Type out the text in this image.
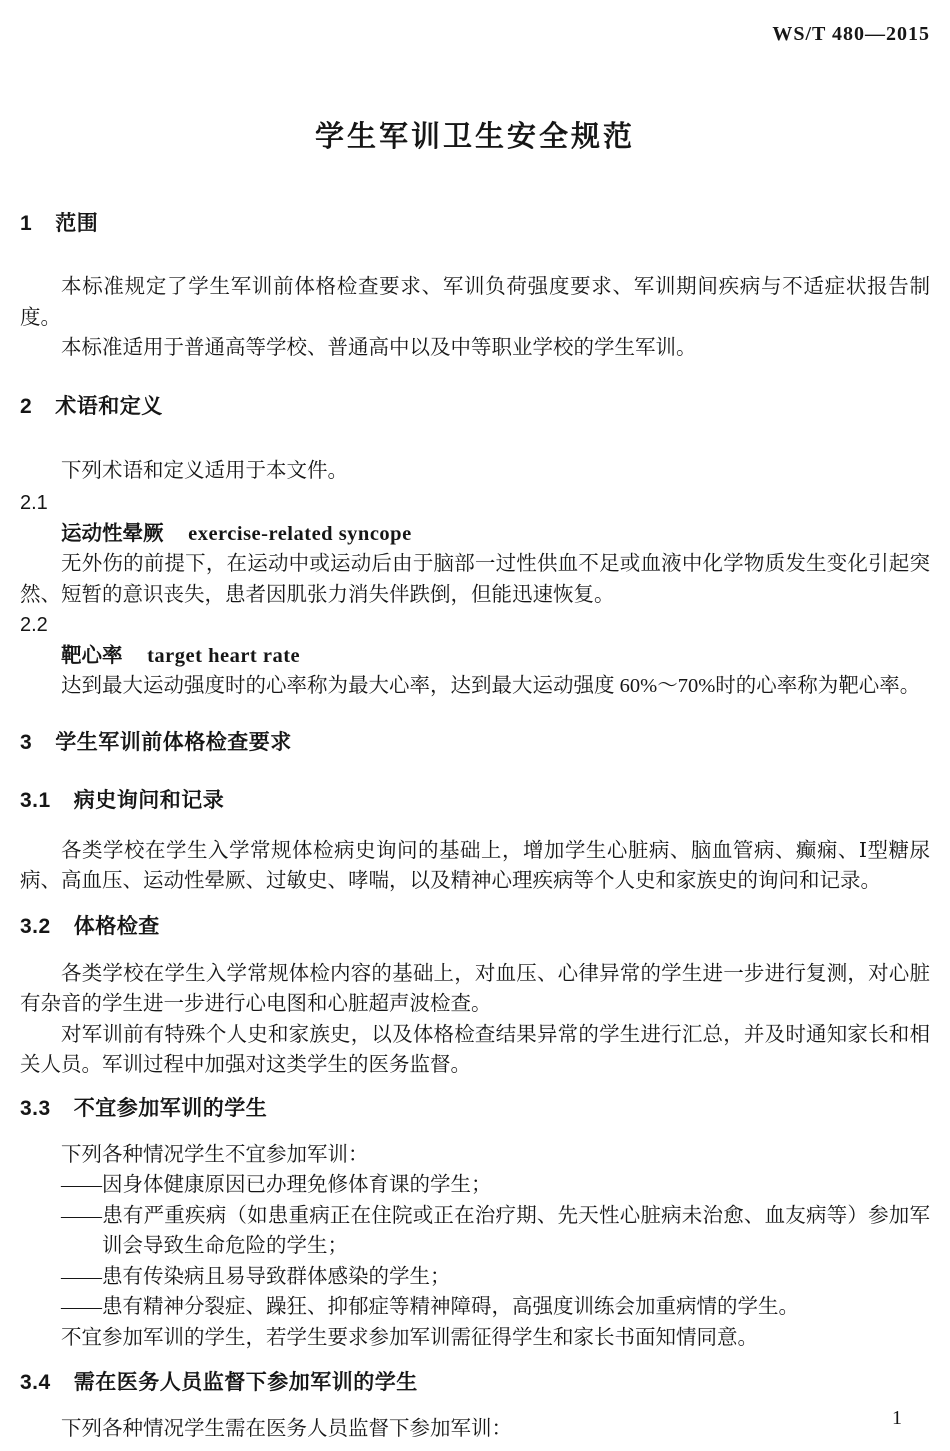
WS/T 480—2015
学生军训卫生安全规范
1 范围

本标准规定了学生军训前体格检查要求、军训负荷强度要求、军训期间疾病与不适症状报告制度。

本标准适用于普通高等学校、普通高中以及中等职业学校的学生军训。

2 术语和定义

下列术语和定义适用于本文件。

2.1
运动性晕厥 exercise-related syncope

无外伤的前提下，在运动中或运动后由于脑部一过性供血不足或血液中化学物质发生变化引起突然、短暂的意识丧失，患者因肌张力消失伴跌倒，但能迅速恢复。

2.2
靶心率 target heart rate

达到最大运动强度时的心率称为最大心率，达到最大运动强度 60%～70%时的心率称为靶心率。

3 学生军训前体格检查要求
3.1 病史询问和记录

各类学校在学生入学常规体检病史询问的基础上，增加学生心脏病、脑血管病、癫痫、Ⅰ型糖尿病、高血压、运动性晕厥、过敏史、哮喘，以及精神心理疾病等个人史和家族史的询问和记录。

3.2 体格检查

各类学校在学生入学常规体检内容的基础上，对血压、心律异常的学生进一步进行复测，对心脏有杂音的学生进一步进行心电图和心脏超声波检查。

对军训前有特殊个人史和家族史，以及体格检查结果异常的学生进行汇总，并及时通知家长和相关人员。军训过程中加强对这类学生的医务监督。

3.3 不宜参加军训的学生

下列各种情况学生不宜参加军训：

——因身体健康原因已办理免修体育课的学生；

——患有严重疾病（如患重病正在住院或正在治疗期、先天性心脏病未治愈、血友病等）参加军训会导致生命危险的学生；

——患有传染病且易导致群体感染的学生；

——患有精神分裂症、躁狂、抑郁症等精神障碍，高强度训练会加重病情的学生。

不宜参加军训的学生，若学生要求参加军训需征得学生和家长书面知情同意。

3.4 需在医务人员监督下参加军训的学生

下列各种情况学生需在医务人员监督下参加军训：	1
